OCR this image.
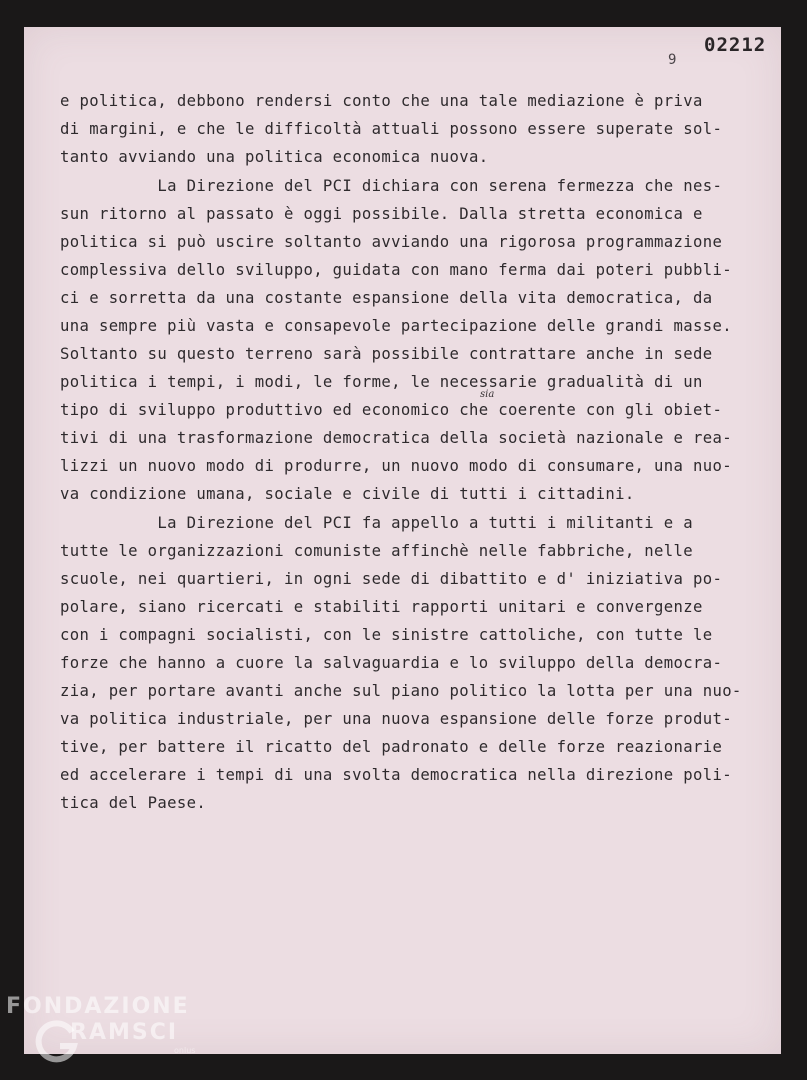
02212
9
e politica, debbono rendersi conto che una tale mediazione è priva
di margini, e che le difficoltà attuali possono essere superate sol-
tanto avviando una politica economica nuova.
La Direzione del PCI dichiara con serena fermezza che nes-
sun ritorno al passato è oggi possibile. Dalla stretta economica e
politica si può uscire soltanto avviando una rigorosa programmazione
complessiva dello sviluppo, guidata con mano ferma dai poteri pubbli-
ci e sorretta da una costante espansione della vita democratica, da
una sempre più vasta e consapevole partecipazione delle grandi masse.
Soltanto su questo terreno sarà possibile contrattare anche in sede
politica i tempi, i modi, le forme, le necessarie gradualità di un
tipo di sviluppo produttivo ed economico che coerente con gli obiet-
tivi di una trasformazione democratica della società nazionale e rea-
lizzi un nuovo modo di produrre, un nuovo modo di consumare, una nuo-
va condizione umana, sociale e civile di tutti i cittadini.
La Direzione del PCI fa appello a tutti i militanti e a
tutte le organizzazioni comuniste affinchè nelle fabbriche, nelle
scuole, nei quartieri, in ogni sede di dibattito e d' iniziativa po-
polare, siano ricercati e stabiliti rapporti unitari e convergenze
con i compagni socialisti, con le sinistre cattoliche, con tutte le
forze che hanno a cuore la salvaguardia e lo sviluppo della democra-
zia, per portare avanti anche sul piano politico la lotta per una nuo-
va politica industriale, per una nuova espansione delle forze produt-
tive, per battere il ricatto del padronato e delle forze reazionarie
ed accelerare i tempi di una svolta democratica nella direzione poli-
tica del Paese.
sia
FONDAZIONE
RAMSCI
onlus
